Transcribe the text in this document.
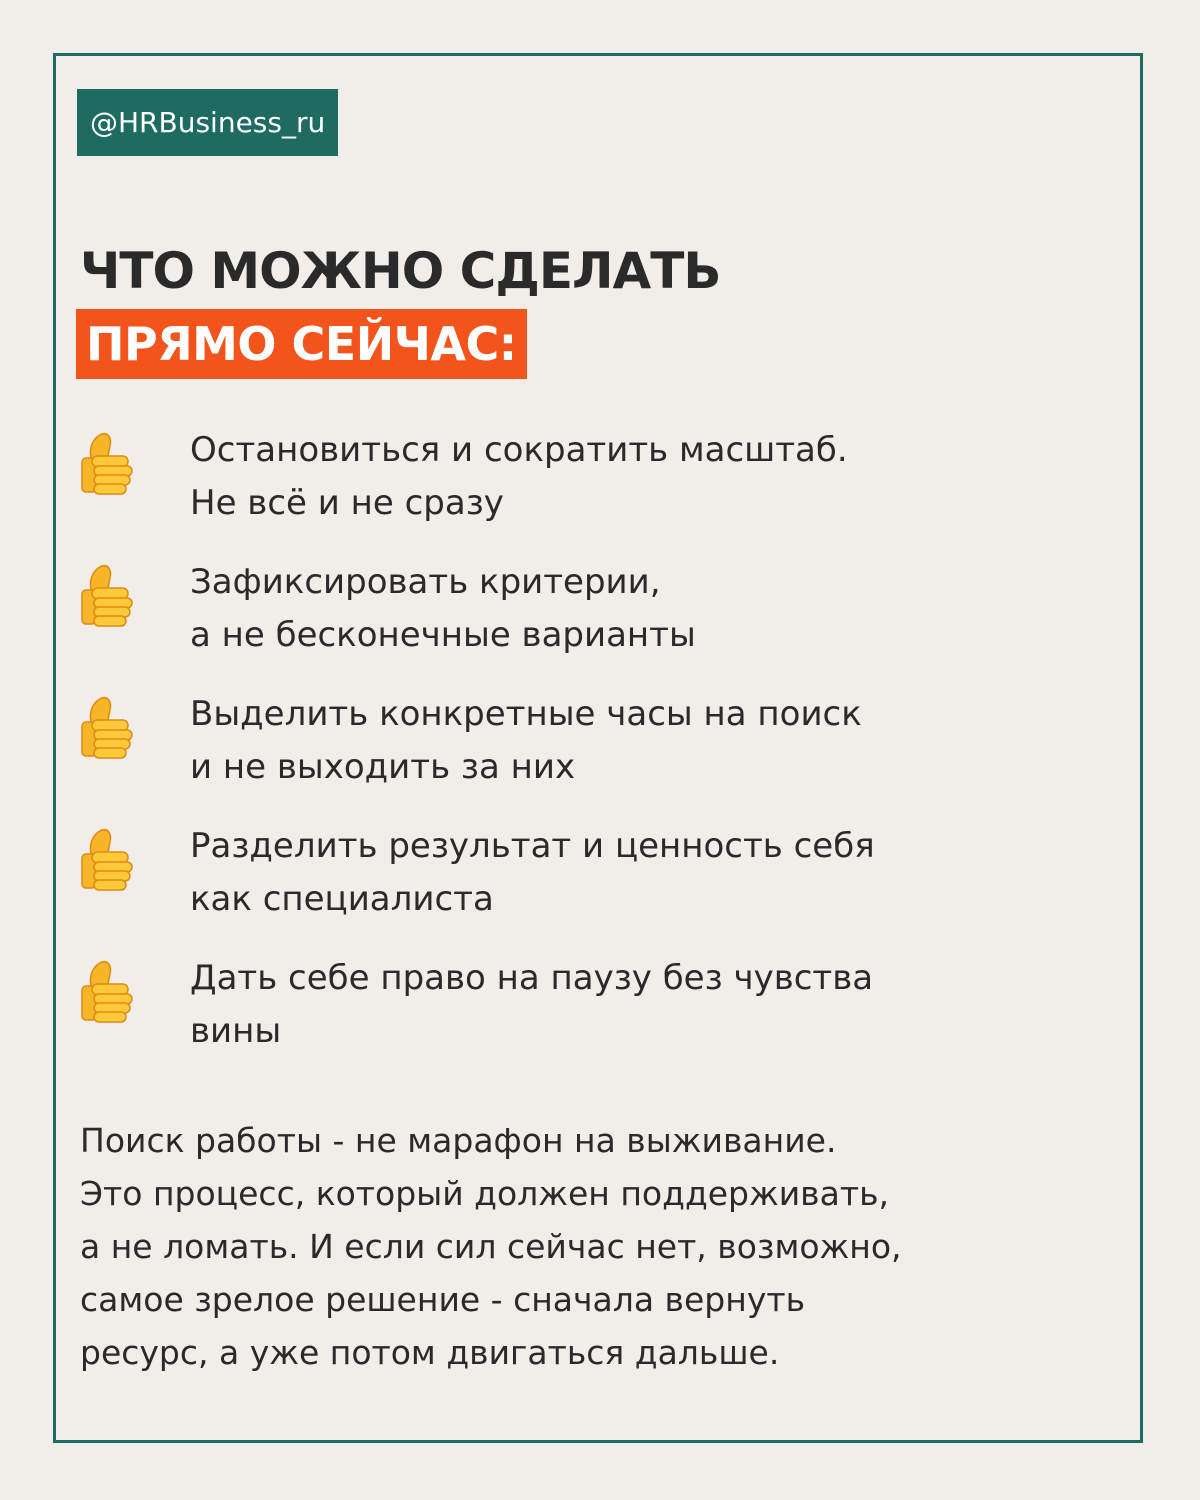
@HRBusiness_ru
ЧТО МОЖНО СДЕЛАТЬ
ПРЯМО СЕЙЧАС:
Остановиться и сократить масштаб.
Не всё и не сразу
Зафиксировать критерии,
а не бесконечные варианты
Выделить конкретные часы на поиск
и не выходить за них
Разделить результат и ценность себя
как специалиста
Дать себе право на паузу без чувства
вины
Поиск работы - не марафон на выживание.
Это процесс, который должен поддерживать,
а не ломать. И если сил сейчас нет, возможно,
самое зрелое решение - сначала вернуть
ресурс, а уже потом двигаться дальше.
